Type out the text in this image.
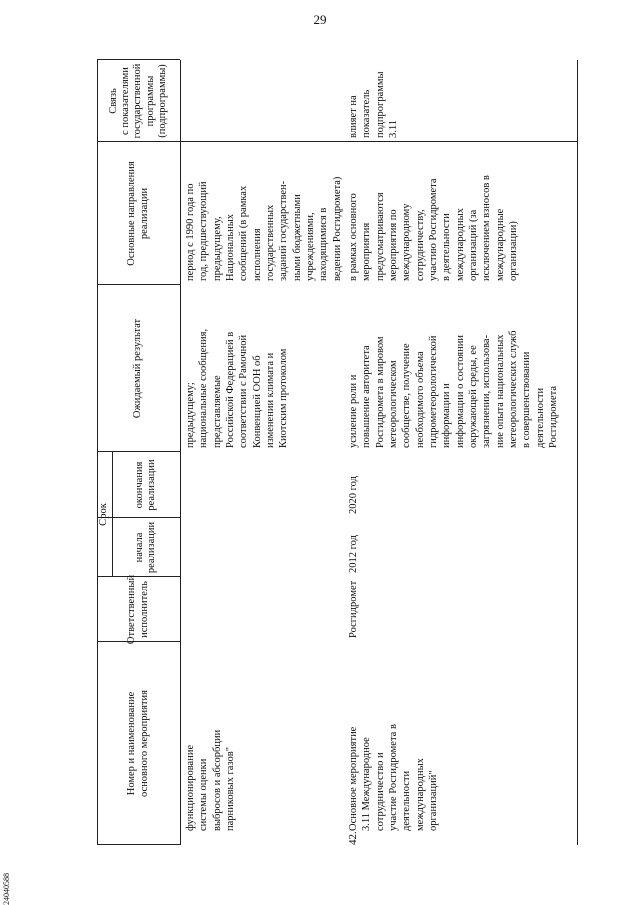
29
24040588
Номер и наименование
основного мероприятия
Ответственный
исполнитель
Срок
начала
реализации
окончания
реализации
Ожидаемый результат
Основные направления
реализации
Связь
с показателями
государственной
программы
(подпрограммы)
функционирование
системы оценки
выбросов и абсорбции
парниковых газов"
предыдущему;
национальные сообщения,
представляемые
Российской Федерацией в
соответствии с Рамочной
Конвенцией ООН об
изменении климата и
Киотским протоколом
период с 1990 года по
год, предшествующий
предыдущему,
Национальных
сообщений (в рамках
исполнения
государственных
заданий государствен-
ными бюджетными
учреждениями,
находящимися в
ведении Росгидромета)
42.
Основное мероприятие
3.11 Международное
сотрудничество и
участие Росгидромета в
деятельности
международных
организаций"
Росгидромет
2012 год
2020 год
усиление роли и
повышение авторитета
Росгидромета в мировом
метеорологическом
сообществе, получение
необходимого объема
гидрометеорологической
информации и
информации о состоянии
окружающей среды, ее
загрязнении, использова-
ние опыта национальных
метеорологических служб
в совершенствовании
деятельности
Росгидромета
в рамках основного
мероприятия
предусматриваются
мероприятия по
международному
сотрудничеству,
участию Росгидромета
в деятельности
международных
организаций (за
исключением взносов в
международные
организации)
влияет на
показатель
подпрограммы
3.11
